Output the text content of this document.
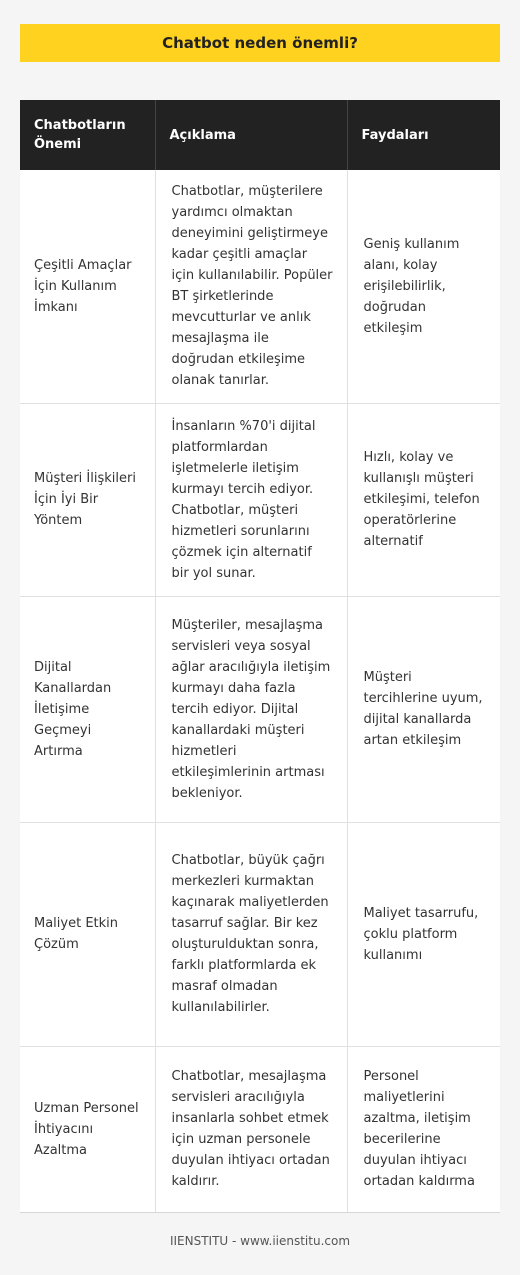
Chatbot neden önemli?
Chatbotların Önemi	Açıklama	Faydaları
Çeşitli Amaçlar İçin Kullanım İmkanı	Chatbotlar, müşterilere yardımcı olmaktan deneyimini geliştirmeye kadar çeşitli amaçlar için kullanılabilir. Popüler BT şirketlerinde mevcutturlar ve anlık mesajlaşma ile doğrudan etkileşime olanak tanırlar.	Geniş kullanım alanı, kolay erişilebilirlik, doğrudan etkileşim
Müşteri İlişkileri İçin İyi Bir Yöntem	İnsanların %70'i dijital platformlardan işletmelerle iletişim kurmayı tercih ediyor. Chatbotlar, müşteri hizmetleri sorunlarını çözmek için alternatif bir yol sunar.	Hızlı, kolay ve kullanışlı müşteri etkileşimi, telefon operatörlerine alternatif
Dijital Kanallardan İletişime Geçmeyi Artırma	Müşteriler, mesajlaşma servisleri veya sosyal ağlar aracılığıyla iletişim kurmayı daha fazla tercih ediyor. Dijital kanallardaki müşteri hizmetleri etkileşimlerinin artması bekleniyor.	Müşteri tercihlerine uyum, dijital kanallarda artan etkileşim
Maliyet Etkin Çözüm	Chatbotlar, büyük çağrı merkezleri kurmaktan kaçınarak maliyetlerden tasarruf sağlar. Bir kez oluşturulduktan sonra, farklı platformlarda ek masraf olmadan kullanılabilirler.	Maliyet tasarrufu, çoklu platform kullanımı
Uzman Personel İhtiyacını Azaltma	Chatbotlar, mesajlaşma servisleri aracılığıyla insanlarla sohbet etmek için uzman personele duyulan ihtiyacı ortadan kaldırır.	Personel maliyetlerini azaltma, iletişim becerilerine duyulan ihtiyacı ortadan kaldırma
IIENSTITU - www.iienstitu.com
